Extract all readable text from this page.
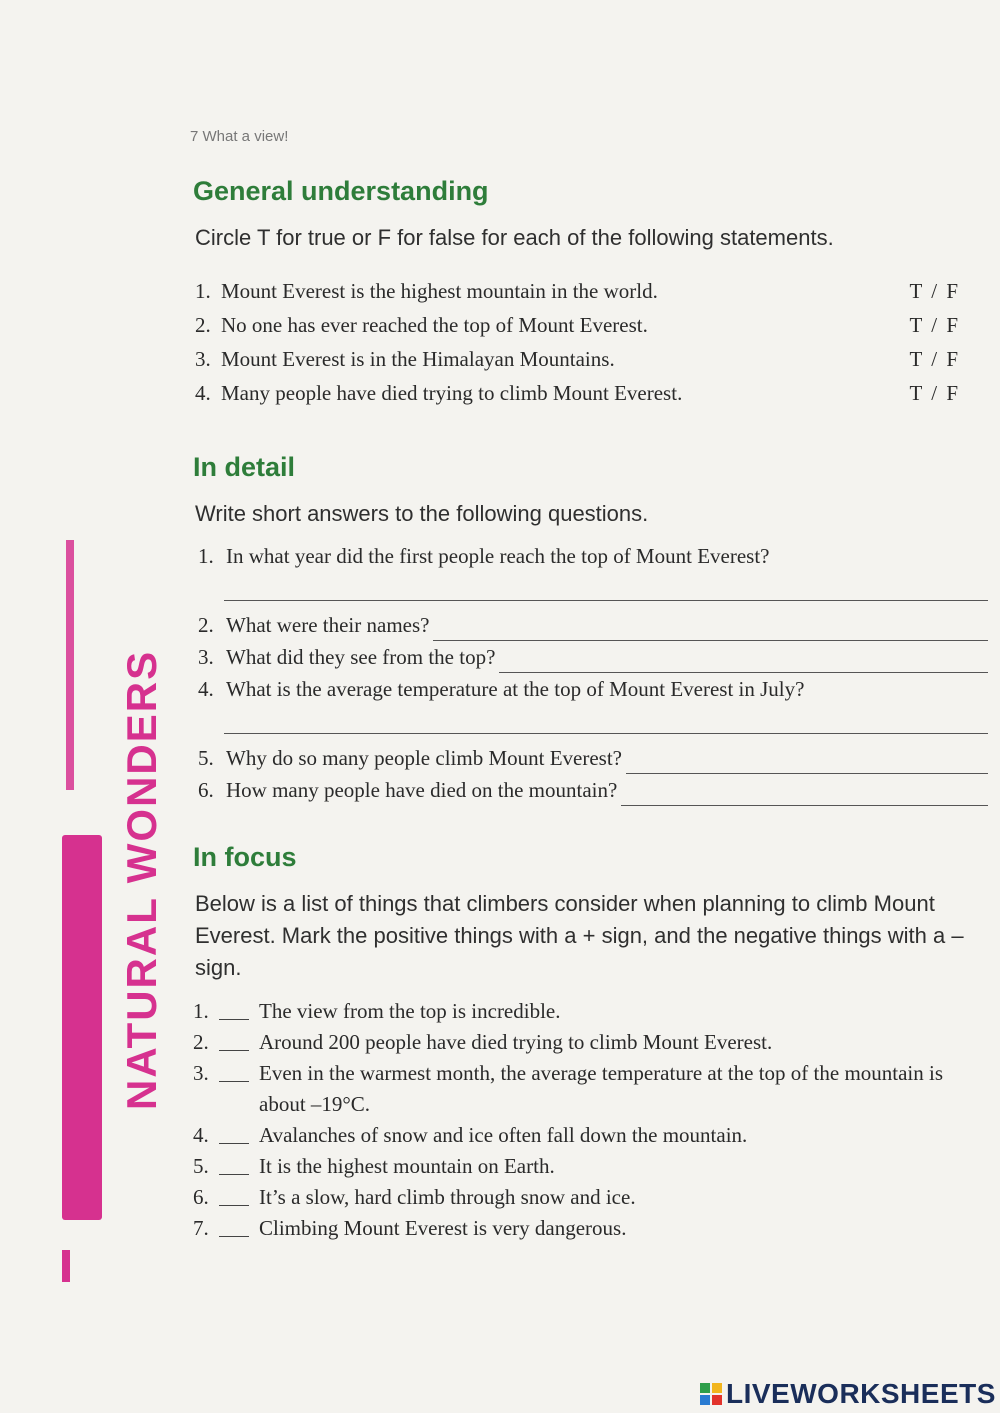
NATURAL WONDERS
7 What a view!
General understanding
Circle T for true or F for false for each of the following statements.
1. Mount Everest is the highest mountain in the world.	T / F
2. No one has ever reached the top of Mount Everest.	T / F
3. Mount Everest is in the Himalayan Mountains.	T / F
4. Many people have died trying to climb Mount Everest.	T / F
In detail
Write short answers to the following questions.
1. In what year did the first people reach the top of Mount Everest?
2. What were their names?
3. What did they see from the top?
4. What is the average temperature at the top of Mount Everest in July?
5. Why do so many people climb Mount Everest?
6. How many people have died on the mountain?
In focus
Below is a list of things that climbers consider when planning to climb Mount Everest. Mark the positive things with a + sign, and the negative things with a – sign.
1.	The view from the top is incredible.
2.	Around 200 people have died trying to climb Mount Everest.
3.	Even in the warmest month, the average temperature at the top of the mountain is about –19°C.
4.	Avalanches of snow and ice often fall down the mountain.
5.	It is the highest mountain on Earth.
6.	It’s a slow, hard climb through snow and ice.
7.	Climbing Mount Everest is very dangerous.
LIVEWORKSHEETS
